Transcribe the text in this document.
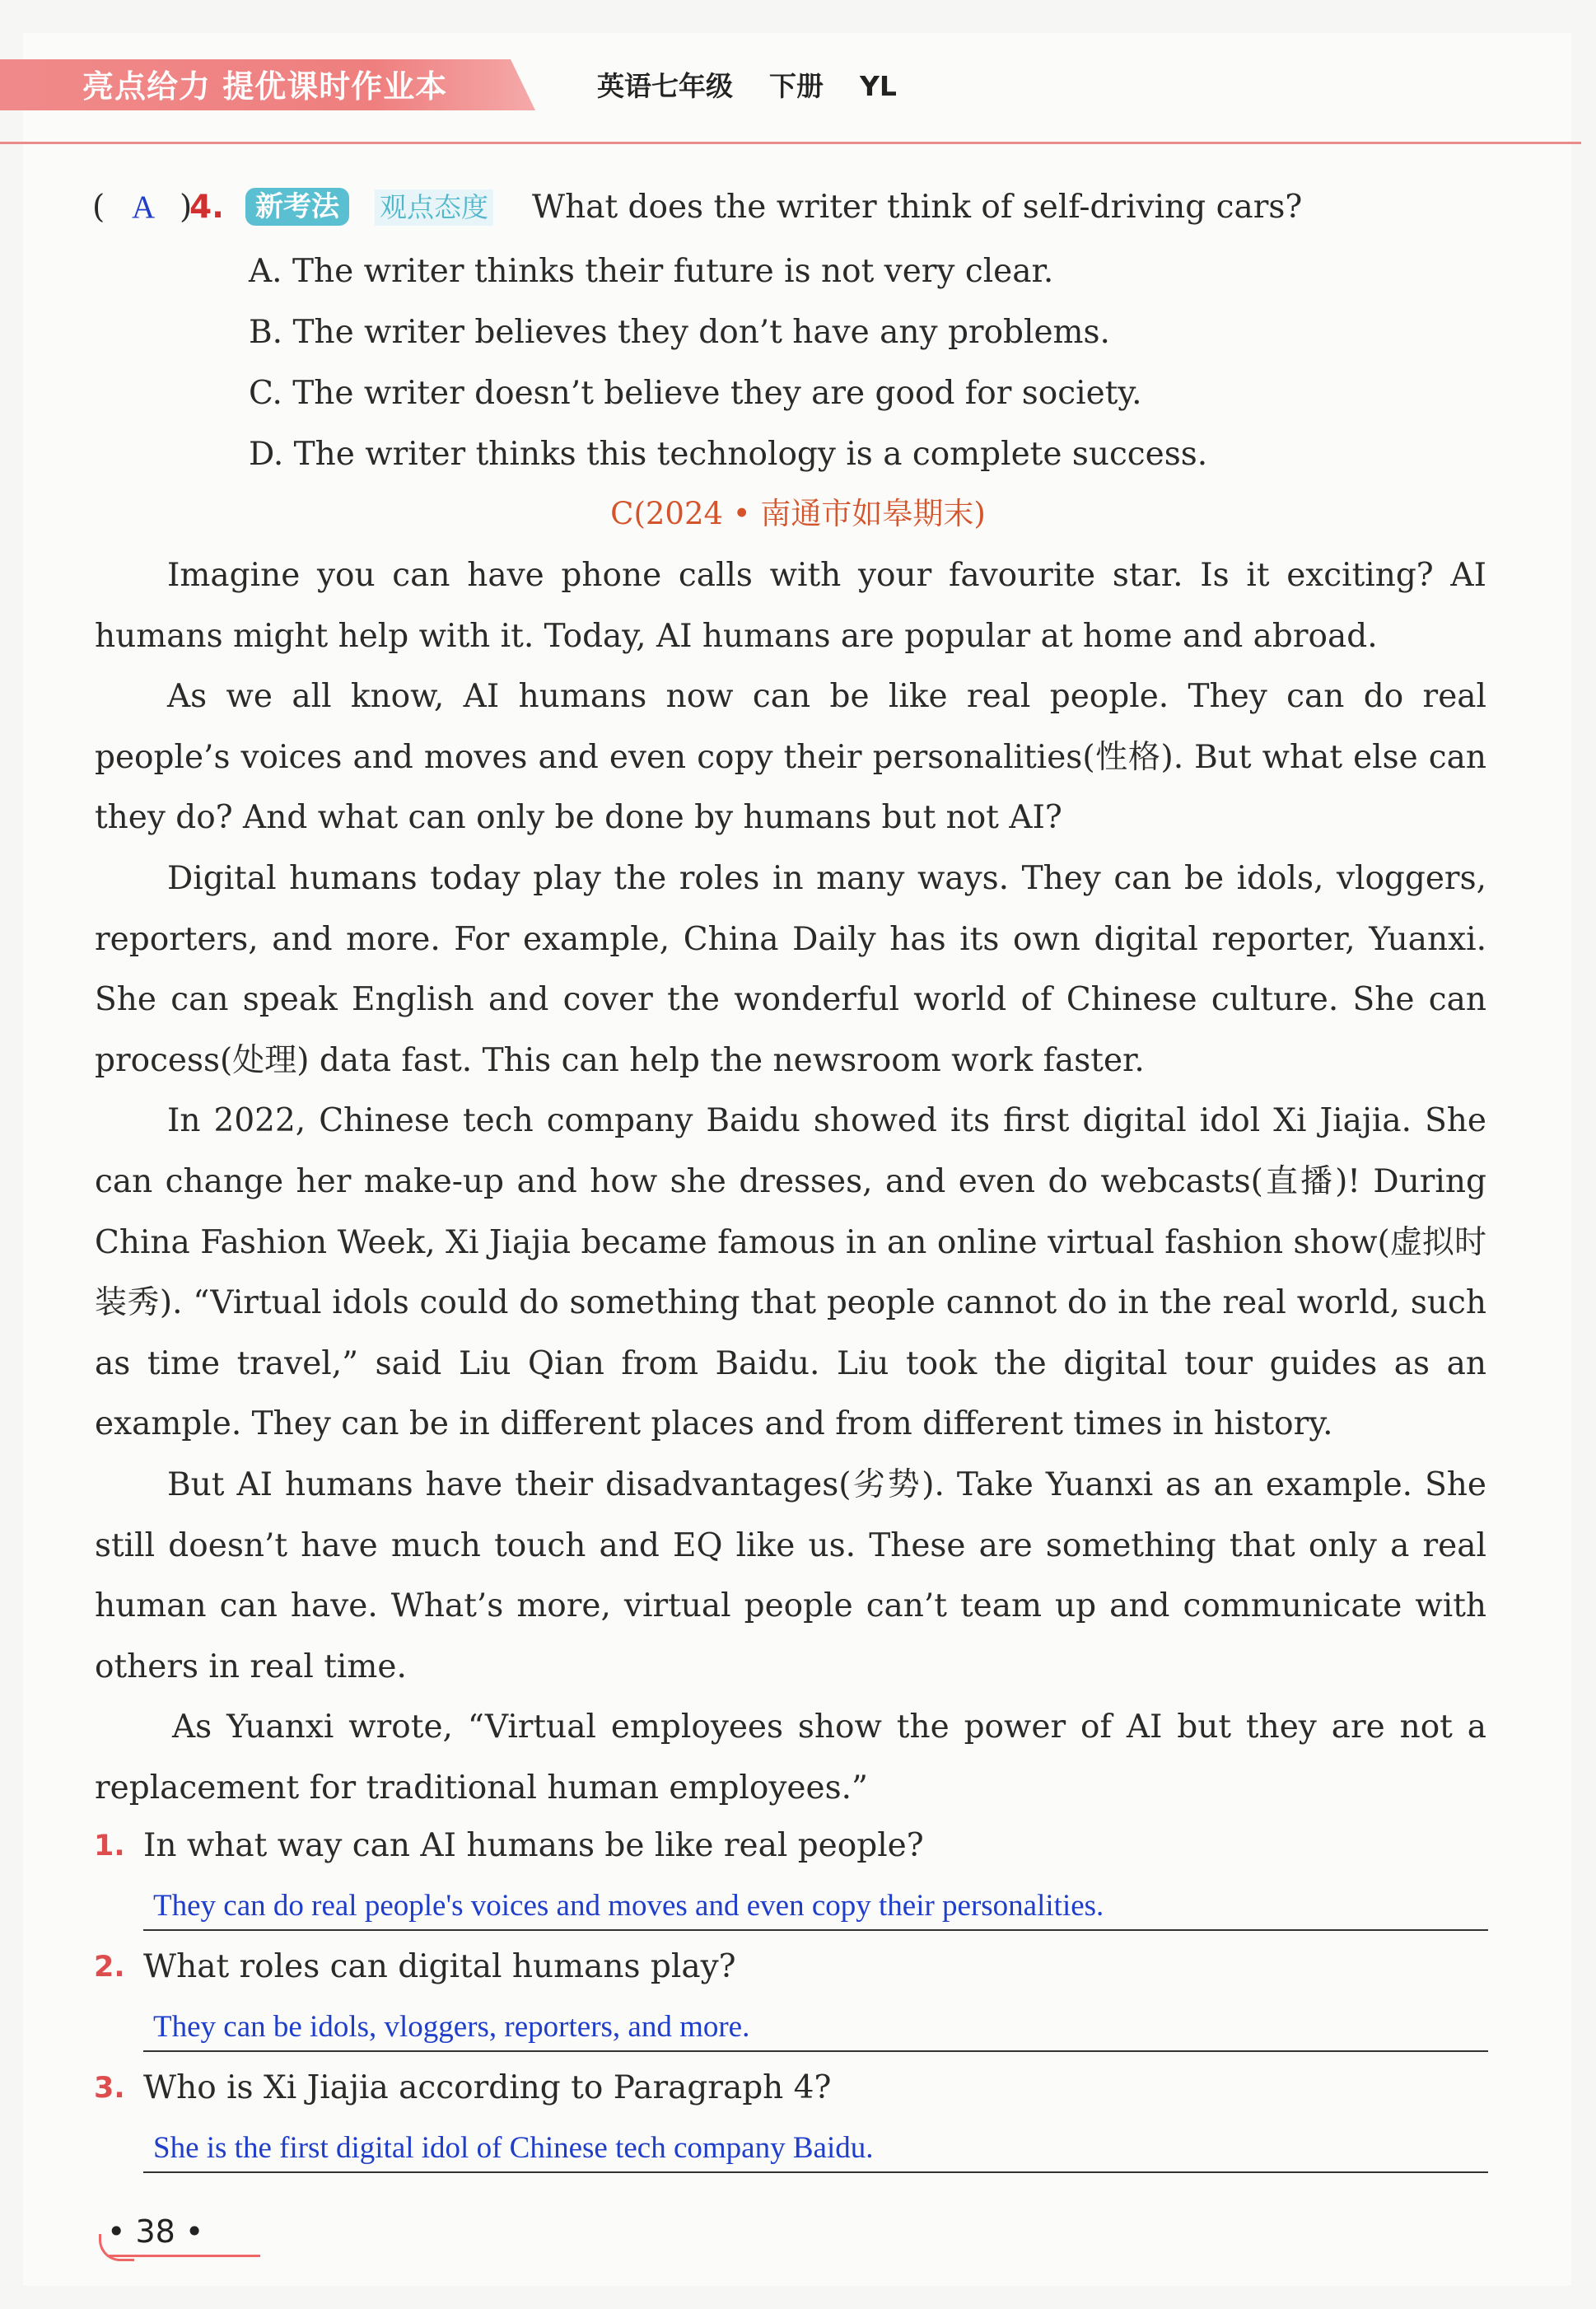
亮点给力 提优课时作业本	英语七年级 下册 YL
( A 4.
)	新考法	观点态度 What does the writer think of self-driving cars?
A. The writer thinks their future is not very clear.
B. The writer believes they don’t have any problems.
C. The writer doesn’t believe they are good for society.
D. The writer thinks this technology is a complete success.
C(2024 • 南通市如皋期末)

Imagine you can have phone calls with your favourite star. Is it exciting? AI humans might help with it. Today, AI humans are popular at home and abroad.

As we all know, AI humans now can be like real people. They can do real people’s voices and moves and even copy their personalities(性格). But what else can they do? And what can only be done by humans but not AI?

Digital humans today play the roles in many ways. They can be idols, vloggers, reporters, and more. For example, China Daily has its own digital reporter, Yuanxi. She can speak English and cover the wonderful world of Chinese culture. She can process(处理) data fast. This can help the newsroom work faster.

In 2022, Chinese tech company Baidu showed its first digital idol Xi Jiajia. She can change her make-up and how she dresses, and even do webcasts(直播)! During China Fashion Week, Xi Jiajia became famous in an online virtual fashion show(虚拟时装秀). “Virtual idols could do something that people cannot do in the real world, such as time travel,” said Liu Qian from Baidu. Liu took the digital tour guides as an example. They can be in different places and from different times in history.

But AI humans have their disadvantages(劣势). Take Yuanxi as an example. She still doesn’t have much touch and EQ like us. These are something that only a real human can have. What’s more, virtual people can’t team up and communicate with others in real time.

As Yuanxi wrote, “Virtual employees show the power of AI but they are not a replacement for traditional human employees.”

1. In what way can AI humans be like real people?
They can do real people's voices and moves and even copy their personalities.
2. What roles can digital humans play?
They can be idols, vloggers, reporters, and more.
3. Who is Xi Jiajia according to Paragraph 4?
She is the first digital idol of Chinese tech company Baidu.
• 38 •
